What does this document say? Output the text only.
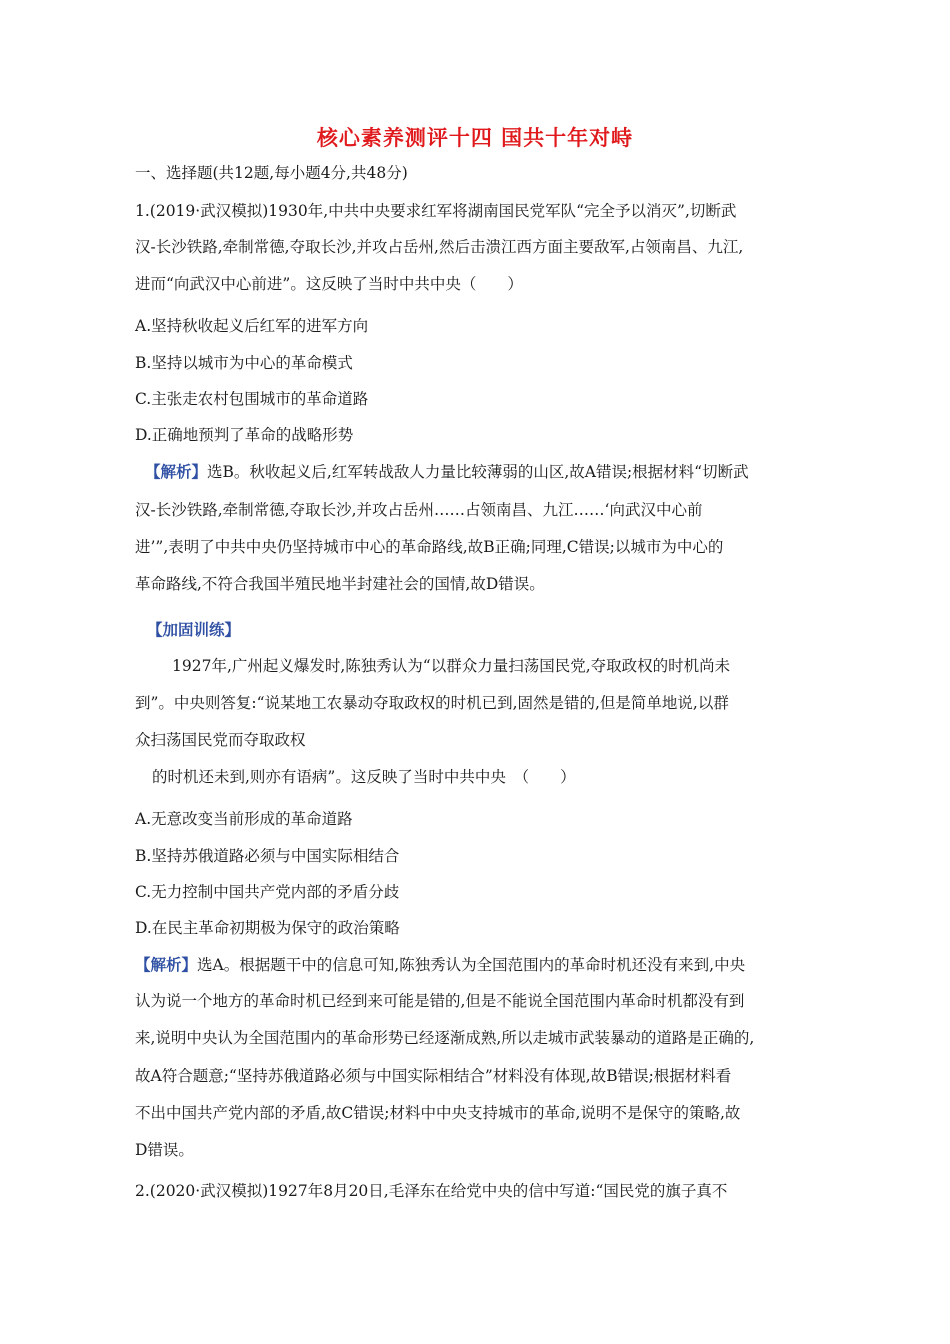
核心素养测评十四 国共十年对峙
一、选择题(共12题,每小题4分,共48分)
1.(2019·武汉模拟)1930年,中共中央要求红军将湖南国民党军队“完全予以消灭”,切断武
汉-长沙铁路,牵制常德,夺取长沙,并攻占岳州,然后击溃江西方面主要敌军,占领南昌、九江,
进而“向武汉中心前进”。这反映了当时中共中央（　　）
A.坚持秋收起义后红军的进军方向
B.坚持以城市为中心的革命模式
C.主张走农村包围城市的革命道路
D.正确地预判了革命的战略形势
【解析】选B。秋收起义后,红军转战敌人力量比较薄弱的山区,故A错误;根据材料“切断武
汉-长沙铁路,牵制常德,夺取长沙,并攻占岳州……占领南昌、九江……‘向武汉中心前
进’”,表明了中共中央仍坚持城市中心的革命路线,故B正确;同理,C错误;以城市为中心的
革命路线,不符合我国半殖民地半封建社会的国情,故D错误。
【加固训练】
1927年,广州起义爆发时,陈独秀认为“以群众力量扫荡国民党,夺取政权的时机尚未
到”。中央则答复:“说某地工农暴动夺取政权的时机已到,固然是错的,但是简单地说,以群
众扫荡国民党而夺取政权
的时机还未到,则亦有语病”。这反映了当时中共中央　（　　）
A.无意改变当前形成的革命道路
B.坚持苏俄道路必须与中国实际相结合
C.无力控制中国共产党内部的矛盾分歧
D.在民主革命初期极为保守的政治策略
【解析】选A。根据题干中的信息可知,陈独秀认为全国范围内的革命时机还没有来到,中央
认为说一个地方的革命时机已经到来可能是错的,但是不能说全国范围内革命时机都没有到
来,说明中央认为全国范围内的革命形势已经逐渐成熟,所以走城市武装暴动的道路是正确的,
故A符合题意;“坚持苏俄道路必须与中国实际相结合”材料没有体现,故B错误;根据材料看
不出中国共产党内部的矛盾,故C错误;材料中中央支持城市的革命,说明不是保守的策略,故
D错误。
2.(2020·武汉模拟)1927年8月20日,毛泽东在给党中央的信中写道:“国民党的旗子真不
